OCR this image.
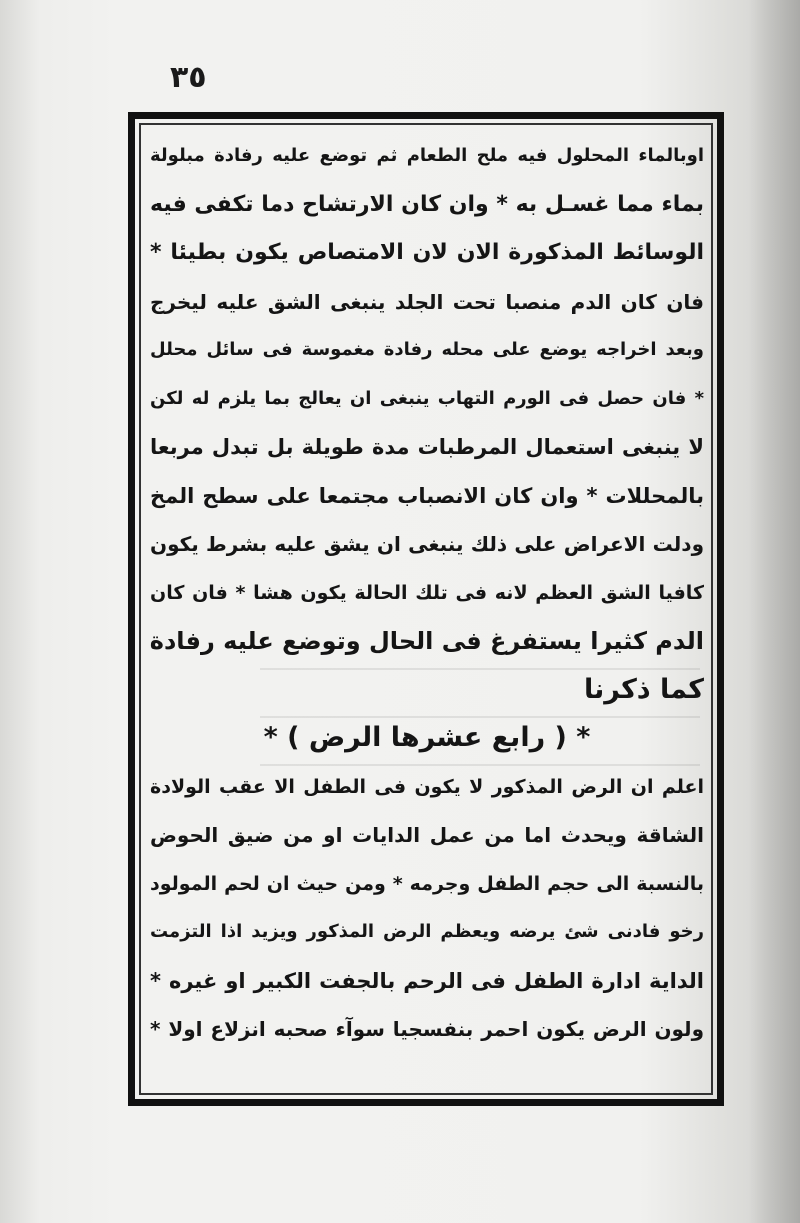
٣٥
اوبالماء المحلول فيه ملح الطعام ثم توضع عليه رفادة مبلولة
بماء مما غسـل به * وان كان الارتشاح دما تكفى فيه
الوسائط المذكورة الان لان الامتصاص يكون بطيئا *
فان كان الدم منصبا تحت الجلد ينبغى الشق عليه ليخرج
وبعد اخراجه يوضع على محله رفادة مغموسة فى سائل محلل
* فان حصل فى الورم التهاب ينبغى ان يعالج بما يلزم له لكن
لا ينبغى استعمال المرطبات مدة طويلة بل تبدل مربعا
بالمحللات * وان كان الانصباب مجتمعا على سطح المخ
ودلت الاعراض على ذلك ينبغى ان يشق عليه بشرط يكون
كافيا الشق العظم لانه فى تلك الحالة يكون هشا * فان كان
الدم كثيرا يستفرغ فى الحال وتوضع عليه رفادة
كما ذكرنا
* ( رابع عشرها الرض ) *
اعلم ان الرض المذكور لا يكون فى الطفل الا عقب الولادة
الشاقة ويحدث اما من عمل الدايات او من ضيق الحوض
بالنسبة الى حجم الطفل وجرمه * ومن حيث ان لحم المولود
رخو فادنى شئ يرضه ويعظم الرض المذكور ويزيد اذا التزمت
الداية ادارة الطفل فى الرحم بالجفت الكبير او غيره *
ولون الرض يكون احمر بنفسجيا سوآء صحبه انزلاع اولا *
